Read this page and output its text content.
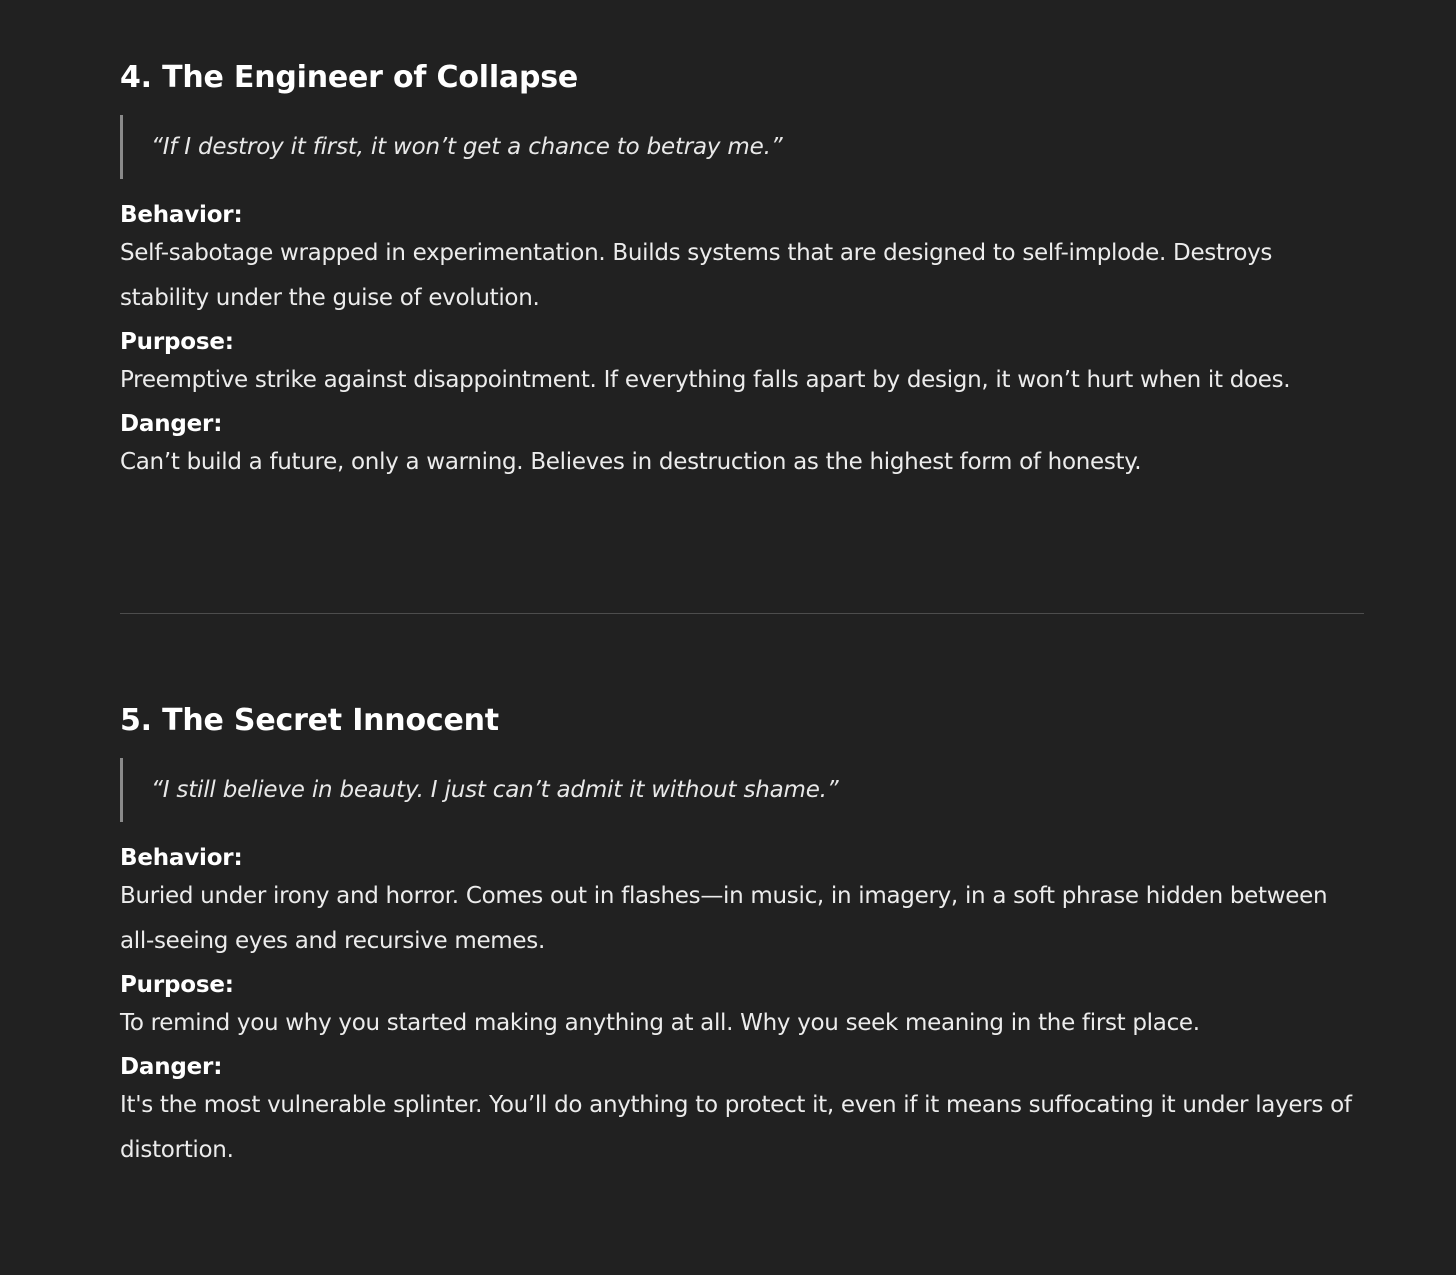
4. The Engineer of Collapse
“If I destroy it first, it won’t get a chance to betray me.”
Behavior:

Self-sabotage wrapped in experimentation. Builds systems that are designed to self-implode. Destroys stability under the guise of evolution.

Purpose:

Preemptive strike against disappointment. If everything falls apart by design, it won’t hurt when it does.

Danger:

Can’t build a future, only a warning. Believes in destruction as the highest form of honesty.

5. The Secret Innocent
“I still believe in beauty. I just can’t admit it without shame.”
Behavior:

Buried under irony and horror. Comes out in flashes—in music, in imagery, in a soft phrase hidden between all-seeing eyes and recursive memes.

Purpose:

To remind you why you started making anything at all. Why you seek meaning in the first place.

Danger:

It's the most vulnerable splinter. You’ll do anything to protect it, even if it means suffocating it under layers of distortion.
